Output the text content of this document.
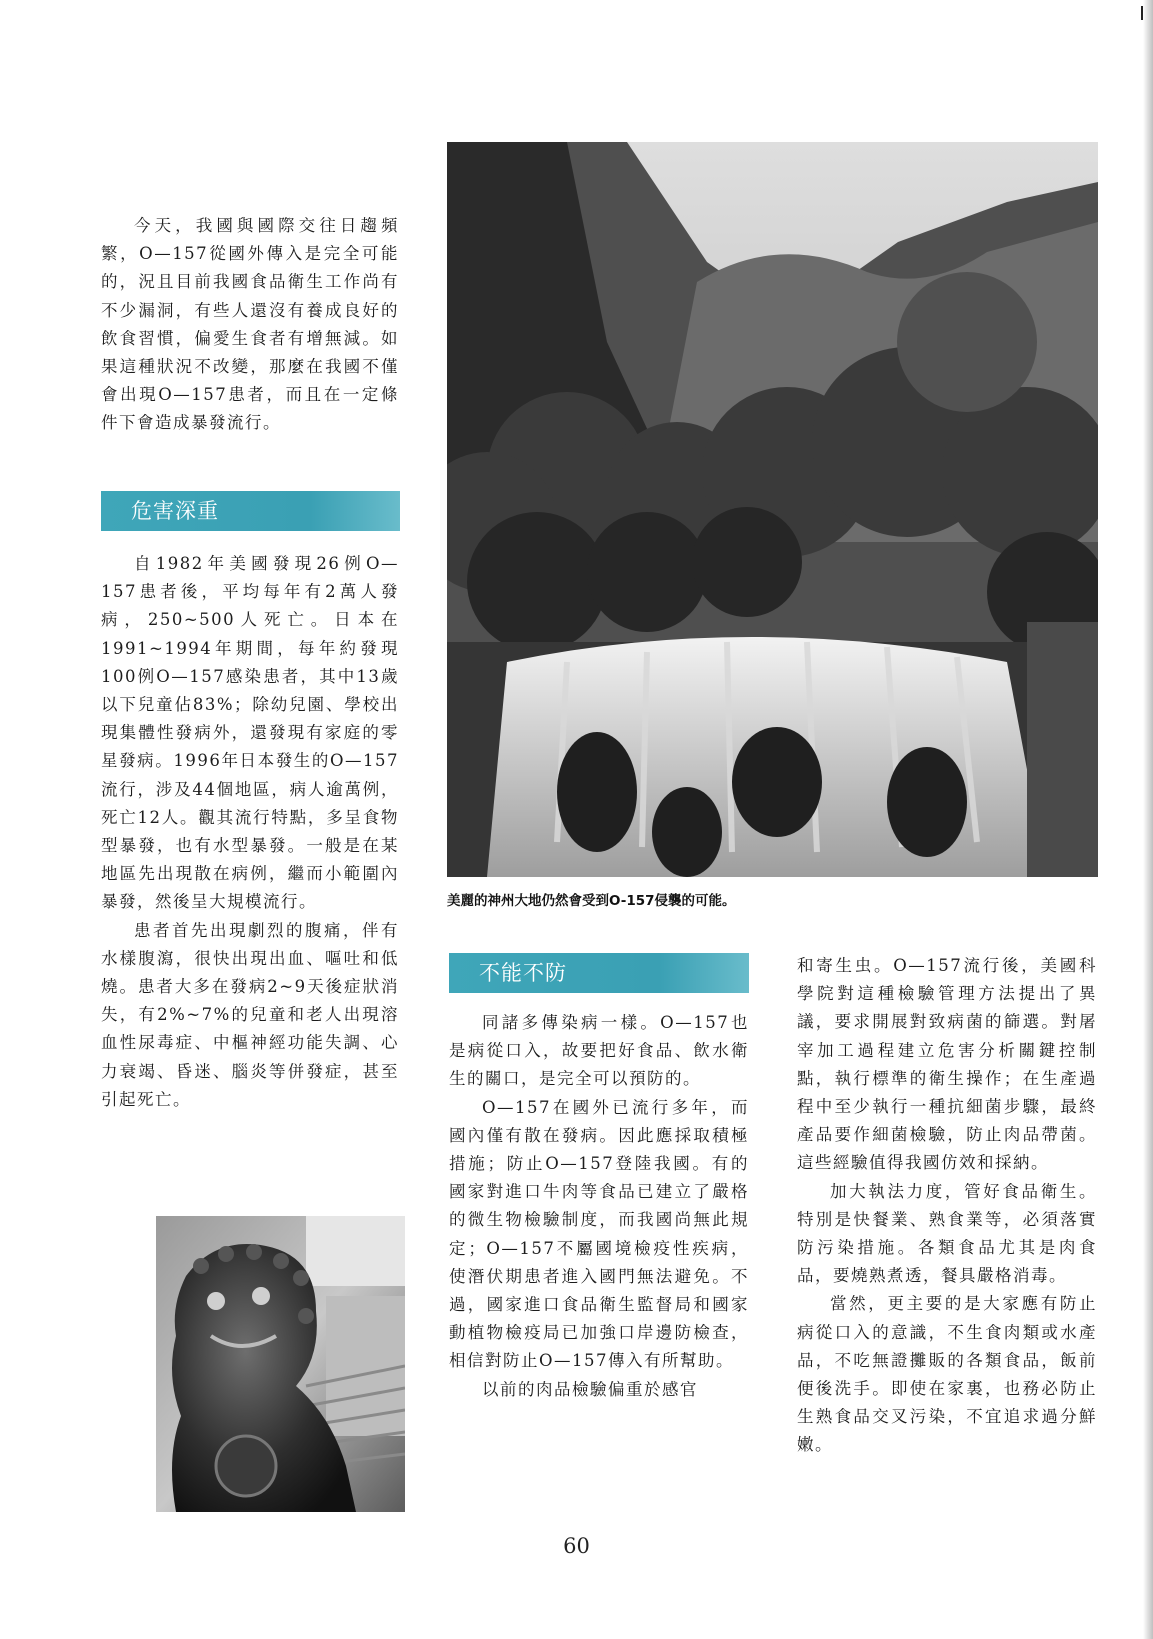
今天，我國與國際交往日趨頻繁，O—157從國外傳入是完全可能的，況且目前我國食品衛生工作尚有不少漏洞，有些人還沒有養成良好的飲食習慣，偏愛生食者有增無減。如果這種狀況不改變，那麼在我國不僅會出現O—157患者，而且在一定條件下會造成暴發流行。

危害深重

自1982年美國發現26例O—157患者後，平均每年有2萬人發病，250~500人死亡。日本在1991~1994年期間，每年約發現100例O—157感染患者，其中13歲以下兒童佔83%；除幼兒園、學校出現集體性發病外，還發現有家庭的零星發病。1996年日本發生的O—157流行，涉及44個地區，病人逾萬例，死亡12人。觀其流行特點，多呈食物型暴發，也有水型暴發。一般是在某地區先出現散在病例，繼而小範圍內暴發，然後呈大規模流行。

患者首先出現劇烈的腹痛，伴有水樣腹瀉，很快出現出血、嘔吐和低燒。患者大多在發病2~9天後症狀消失，有2%~7%的兒童和老人出現溶血性尿毒症、中樞神經功能失調、心力衰竭、昏迷、腦炎等併發症，甚至引起死亡。

美麗的神州大地仍然會受到O-157侵襲的可能。
不能不防

同諸多傳染病一樣。O—157也是病從口入，故要把好食品、飲水衛生的關口，是完全可以預防的。

O—157在國外已流行多年，而國內僅有散在發病。因此應採取積極措施；防止O—157登陸我國。有的國家對進口牛肉等食品已建立了嚴格的微生物檢驗制度，而我國尚無此規定；O—157不屬國境檢疫性疾病，使潛伏期患者進入國門無法避免。不過，國家進口食品衛生監督局和國家動植物檢疫局已加強口岸邊防檢查，相信對防止O—157傳入有所幫助。

以前的肉品檢驗偏重於感官

和寄生虫。O—157流行後，美國科學院對這種檢驗管理方法提出了異議，要求開展對致病菌的篩選。對屠宰加工過程建立危害分析關鍵控制點，執行標準的衛生操作；在生產過程中至少執行一種抗細菌步驟，最終產品要作細菌檢驗，防止肉品帶菌。這些經驗值得我國仿效和採納。

加大執法力度，管好食品衛生。特別是快餐業、熟食業等，必須落實防污染措施。各類食品尤其是肉食品，要燒熟煮透，餐具嚴格消毒。

當然，更主要的是大家應有防止病從口入的意識，不生食肉類或水產品，不吃無證攤販的各類食品，飯前便後洗手。即使在家裏，也務必防止生熟食品交叉污染，不宜追求過分鮮嫩。

60
